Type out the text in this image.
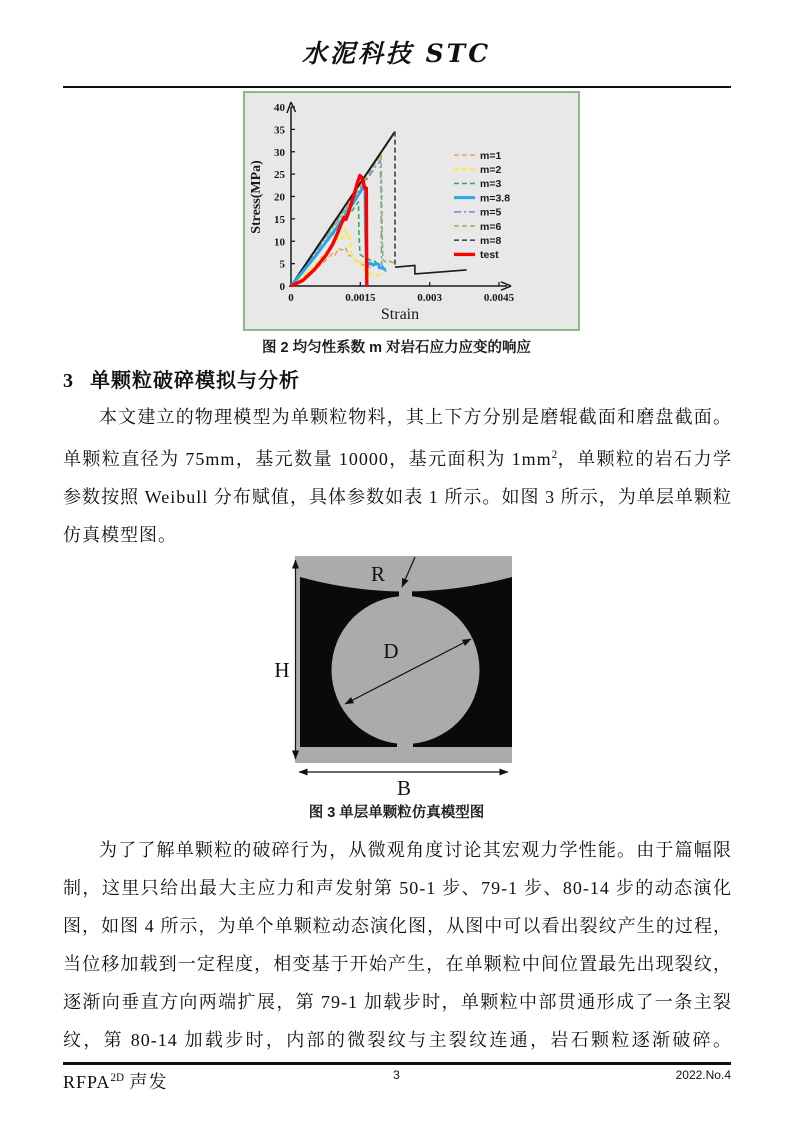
水泥科技 STC
0
5
10
15
20
25
30
35
40
0	0.0015	0.003	0.0045
Stress(MPa)
Strain
m=1
m=2
m=3
m=3.8
m=5
m=6
m=8
test
图 2 均匀性系数 m 对岩石应力应变的响应
3 单颗粒破碎模拟与分析
本文建立的物理模型为单颗粒物料，其上下方分别是磨辊截面和磨盘截面。单颗粒直径为 75mm，基元数量 10000，基元面积为 $1mm^2$，单颗粒的岩石力学参数按照 Weibull 分布赋值，具体参数如表 1 所示。如图 3 所示，为单层单颗粒仿真模型图。
H
B
D
R
图 3 单层单颗粒仿真模型图
为了了解单颗粒的破碎行为，从微观角度讨论其宏观力学性能。由于篇幅限制，这里只给出最大主应力和声发射第 50-1 步、79-1 步、80-14 步的动态演化图，如图 4 所示，为单个单颗粒动态演化图，从图中可以看出裂纹产生的过程，当位移加载到一定程度，相变基于开始产生，在单颗粒中间位置最先出现裂纹，逐渐向垂直方向两端扩展，第 79-1 加载步时，单颗粒中部贯通形成了一条主裂纹，第 80-14 加载步时，内部的微裂纹与主裂纹连通，岩石颗粒逐渐破碎。$RFPA^{2D}$ 声发	3	2022.No.4
